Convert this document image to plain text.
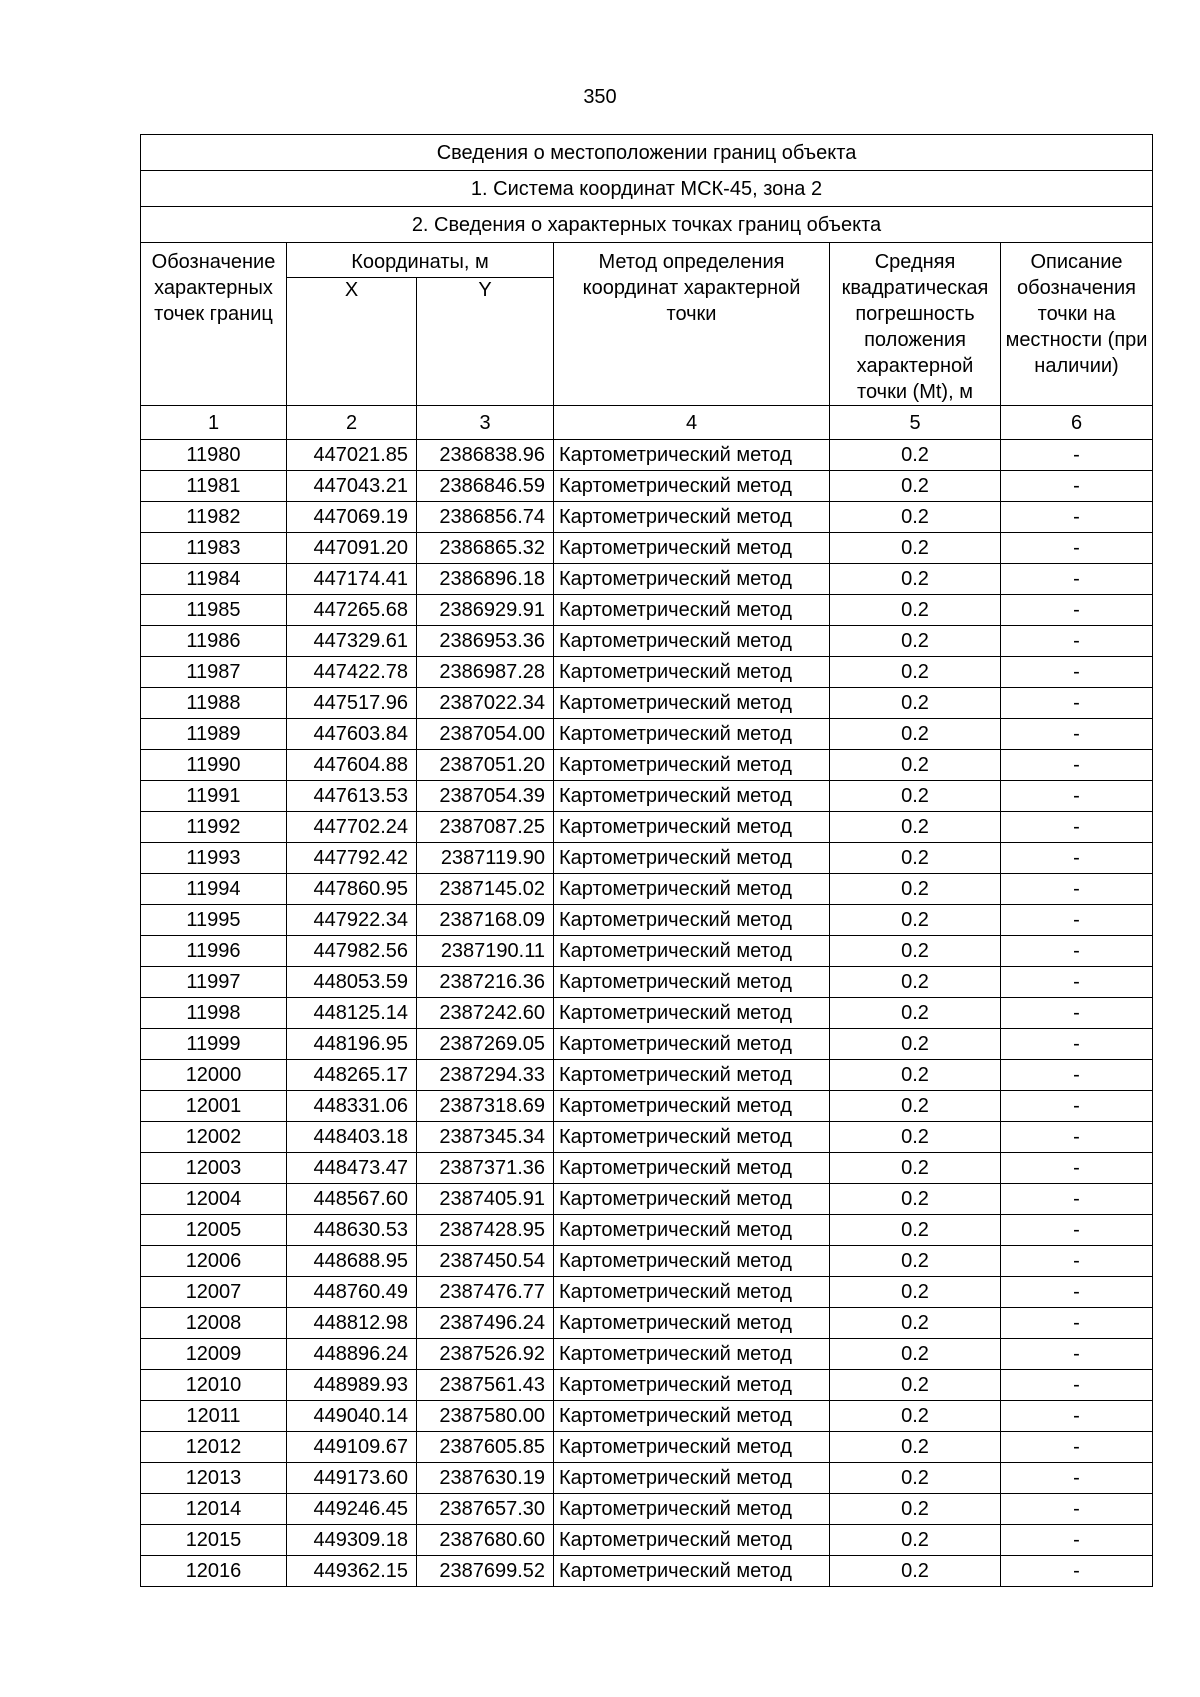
350
Сведения о местоположении границ объекта					
1. Система координат МСК-45, зона 2					
2. Сведения о характерных точках границ объекта					
Обозначение характерных точек границ	Координаты, м		Метод определения координат характерной точки	Средняя квадратическая погрешность положения характерной точки (Mt), м	Описание обозначения точки на местности (при наличии)
	X	Y			
1	2	3	4	5	6
11980	447021.85	2386838.96	Картометрический метод	0.2	-
11981	447043.21	2386846.59	Картометрический метод	0.2	-
11982	447069.19	2386856.74	Картометрический метод	0.2	-
11983	447091.20	2386865.32	Картометрический метод	0.2	-
11984	447174.41	2386896.18	Картометрический метод	0.2	-
11985	447265.68	2386929.91	Картометрический метод	0.2	-
11986	447329.61	2386953.36	Картометрический метод	0.2	-
11987	447422.78	2386987.28	Картометрический метод	0.2	-
11988	447517.96	2387022.34	Картометрический метод	0.2	-
11989	447603.84	2387054.00	Картометрический метод	0.2	-
11990	447604.88	2387051.20	Картометрический метод	0.2	-
11991	447613.53	2387054.39	Картометрический метод	0.2	-
11992	447702.24	2387087.25	Картометрический метод	0.2	-
11993	447792.42	2387119.90	Картометрический метод	0.2	-
11994	447860.95	2387145.02	Картометрический метод	0.2	-
11995	447922.34	2387168.09	Картометрический метод	0.2	-
11996	447982.56	2387190.11	Картометрический метод	0.2	-
11997	448053.59	2387216.36	Картометрический метод	0.2	-
11998	448125.14	2387242.60	Картометрический метод	0.2	-
11999	448196.95	2387269.05	Картометрический метод	0.2	-
12000	448265.17	2387294.33	Картометрический метод	0.2	-
12001	448331.06	2387318.69	Картометрический метод	0.2	-
12002	448403.18	2387345.34	Картометрический метод	0.2	-
12003	448473.47	2387371.36	Картометрический метод	0.2	-
12004	448567.60	2387405.91	Картометрический метод	0.2	-
12005	448630.53	2387428.95	Картометрический метод	0.2	-
12006	448688.95	2387450.54	Картометрический метод	0.2	-
12007	448760.49	2387476.77	Картометрический метод	0.2	-
12008	448812.98	2387496.24	Картометрический метод	0.2	-
12009	448896.24	2387526.92	Картометрический метод	0.2	-
12010	448989.93	2387561.43	Картометрический метод	0.2	-
12011	449040.14	2387580.00	Картометрический метод	0.2	-
12012	449109.67	2387605.85	Картометрический метод	0.2	-
12013	449173.60	2387630.19	Картометрический метод	0.2	-
12014	449246.45	2387657.30	Картометрический метод	0.2	-
12015	449309.18	2387680.60	Картометрический метод	0.2	-
12016	449362.15	2387699.52	Картометрический метод	0.2	-
